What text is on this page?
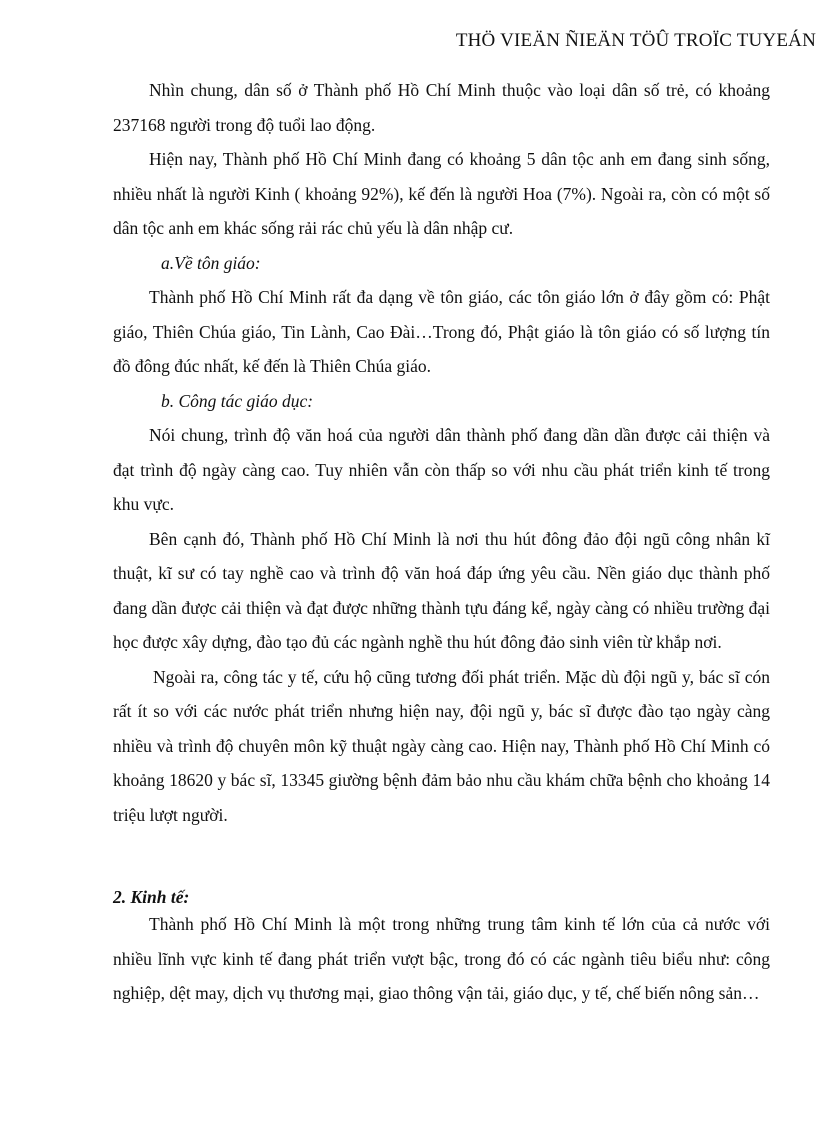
THÖ VIEÄN ÑIEÄN TÖÛ TROÏC TUYEÁN

Nhìn chung, dân số ở Thành phố Hồ Chí Minh thuộc vào loại dân số trẻ, có khoảng 237168 người trong độ tuổi lao động.

Hiện nay, Thành phố Hồ Chí Minh đang có khoảng 5 dân tộc anh em đang sinh sống, nhiều nhất là người Kinh ( khoảng 92%), kế đến là người Hoa (7%). Ngoài ra, còn có một số dân tộc anh em khác sống rải rác chủ yếu là dân nhập cư.

a.Về tôn giáo:

Thành phố Hồ Chí Minh rất đa dạng về tôn giáo, các tôn giáo lớn ở đây gồm có: Phật giáo, Thiên Chúa giáo, Tin Lành, Cao Đài…Trong đó, Phật giáo là tôn giáo có số lượng tín đồ đông đúc nhất, kế đến là Thiên Chúa giáo.

b. Công tác giáo dục:

Nói chung, trình độ văn hoá của người dân thành phố đang dần dần được cải thiện và đạt trình độ ngày càng cao. Tuy nhiên vẫn còn thấp so với nhu cầu phát triển kinh tế trong khu vực.

Bên cạnh đó, Thành phố Hồ Chí Minh là nơi thu hút đông đảo đội ngũ công nhân kĩ thuật, kĩ sư có tay nghề cao và trình độ văn hoá đáp ứng yêu cầu. Nền giáo dục thành phố đang dần được cải thiện và đạt được những thành tựu đáng kể, ngày càng có nhiều trường đại học được xây dựng, đào tạo đủ các ngành nghề thu hút đông đảo sinh viên từ khắp nơi.

Ngoài ra, công tác y tế, cứu hộ cũng tương đối phát triển. Mặc dù đội ngũ y, bác sĩ cón rất ít so với các nước phát triển nhưng hiện nay, đội ngũ y, bác sĩ được đào tạo ngày càng nhiều và trình độ chuyên môn kỹ thuật ngày càng cao. Hiện nay, Thành phố Hồ Chí Minh có khoảng 18620 y bác sĩ, 13345 giường bệnh đảm bảo nhu cầu khám chữa bệnh cho khoảng 14 triệu lượt người.

2. Kinh tế:

Thành phố Hồ Chí Minh là một trong những trung tâm kinh tế lớn của cả nước với nhiều lĩnh vực kinh tế đang phát triển vượt bậc, trong đó có các ngành tiêu biểu như: công nghiệp, dệt may, dịch vụ thương mại, giao thông vận tải, giáo dục, y tế, chế biến nông sản…
